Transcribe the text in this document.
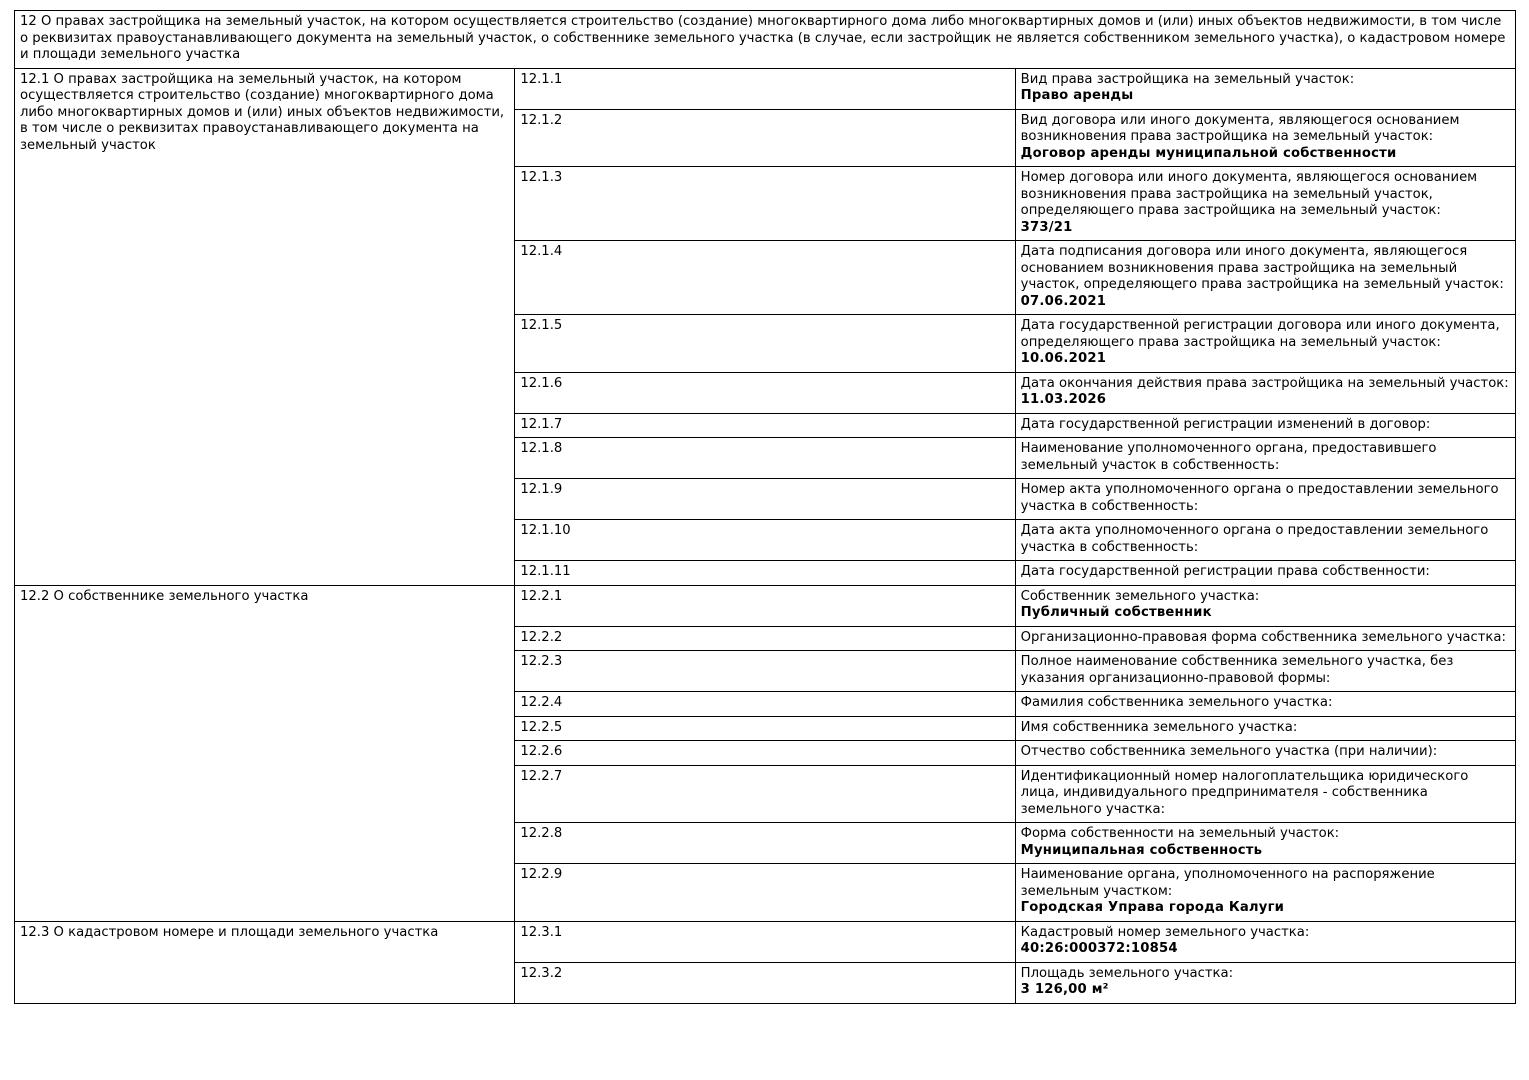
12 О правах застройщика на земельный участок, на котором осуществляется строительство (создание) многоквартирного дома либо многоквартирных домов и (или) иных объектов недвижимости, в том числе о реквизитах правоустанавливающего документа на земельный участок, о собственнике земельного участка (в случае, если застройщик не является собственником земельного участка), о кадастровом номере и площади земельного участка		
12.1 О правах застройщика на земельный участок, на котором осуществляется строительство (создание) многоквартирного дома либо многоквартирных домов и (или) иных объектов недвижимости, в том числе о реквизитах правоустанавливающего документа на земельный участок	12.1.1	Вид права застройщика на земельный участок:
Право аренды

	12.1.2	Вид договора или иного документа, являющегося основанием возникновения права застройщика на земельный участок:
Договор аренды муниципальной собственности

	12.1.3	Номер договора или иного документа, являющегося основанием возникновения права застройщика на земельный участок, определяющего права застройщика на земельный участок:
373/21

	12.1.4	Дата подписания договора или иного документа, являющегося основанием возникновения права застройщика на земельный участок, определяющего права застройщика на земельный участок:
07.06.2021

	12.1.5	Дата государственной регистрации договора или иного документа, определяющего права застройщика на земельный участок:
10.06.2021

	12.1.6	Дата окончания действия права застройщика на земельный участок:
11.03.2026

	12.1.7	Дата государственной регистрации изменений в договор:

	12.1.8	Наименование уполномоченного органа, предоставившего земельный участок в собственность:

	12.1.9	Номер акта уполномоченного органа о предоставлении земельного участка в собственность:

	12.1.10	Дата акта уполномоченного органа о предоставлении земельного участка в собственность:

	12.1.11	Дата государственной регистрации права собственности:

12.2 О собственнике земельного участка	12.2.1	Собственник земельного участка:
Публичный собственник

	12.2.2	Организационно-правовая форма собственника земельного участка:

	12.2.3	Полное наименование собственника земельного участка, без указания организационно-правовой формы:

	12.2.4	Фамилия собственника земельного участка:

	12.2.5	Имя собственника земельного участка:

	12.2.6	Отчество собственника земельного участка (при наличии):

	12.2.7	Идентификационный номер налогоплательщика юридического лица, индивидуального предпринимателя - собственника земельного участка:

	12.2.8	Форма собственности на земельный участок:
Муниципальная собственность

	12.2.9	Наименование органа, уполномоченного на распоряжение земельным участком:
Городская Управа города Калуги

12.3 О кадастровом номере и площади земельного участка	12.3.1	Кадастровый номер земельного участка:
40:26:000372:10854

	12.3.2	Площадь земельного участка:
3 126,00 м²
